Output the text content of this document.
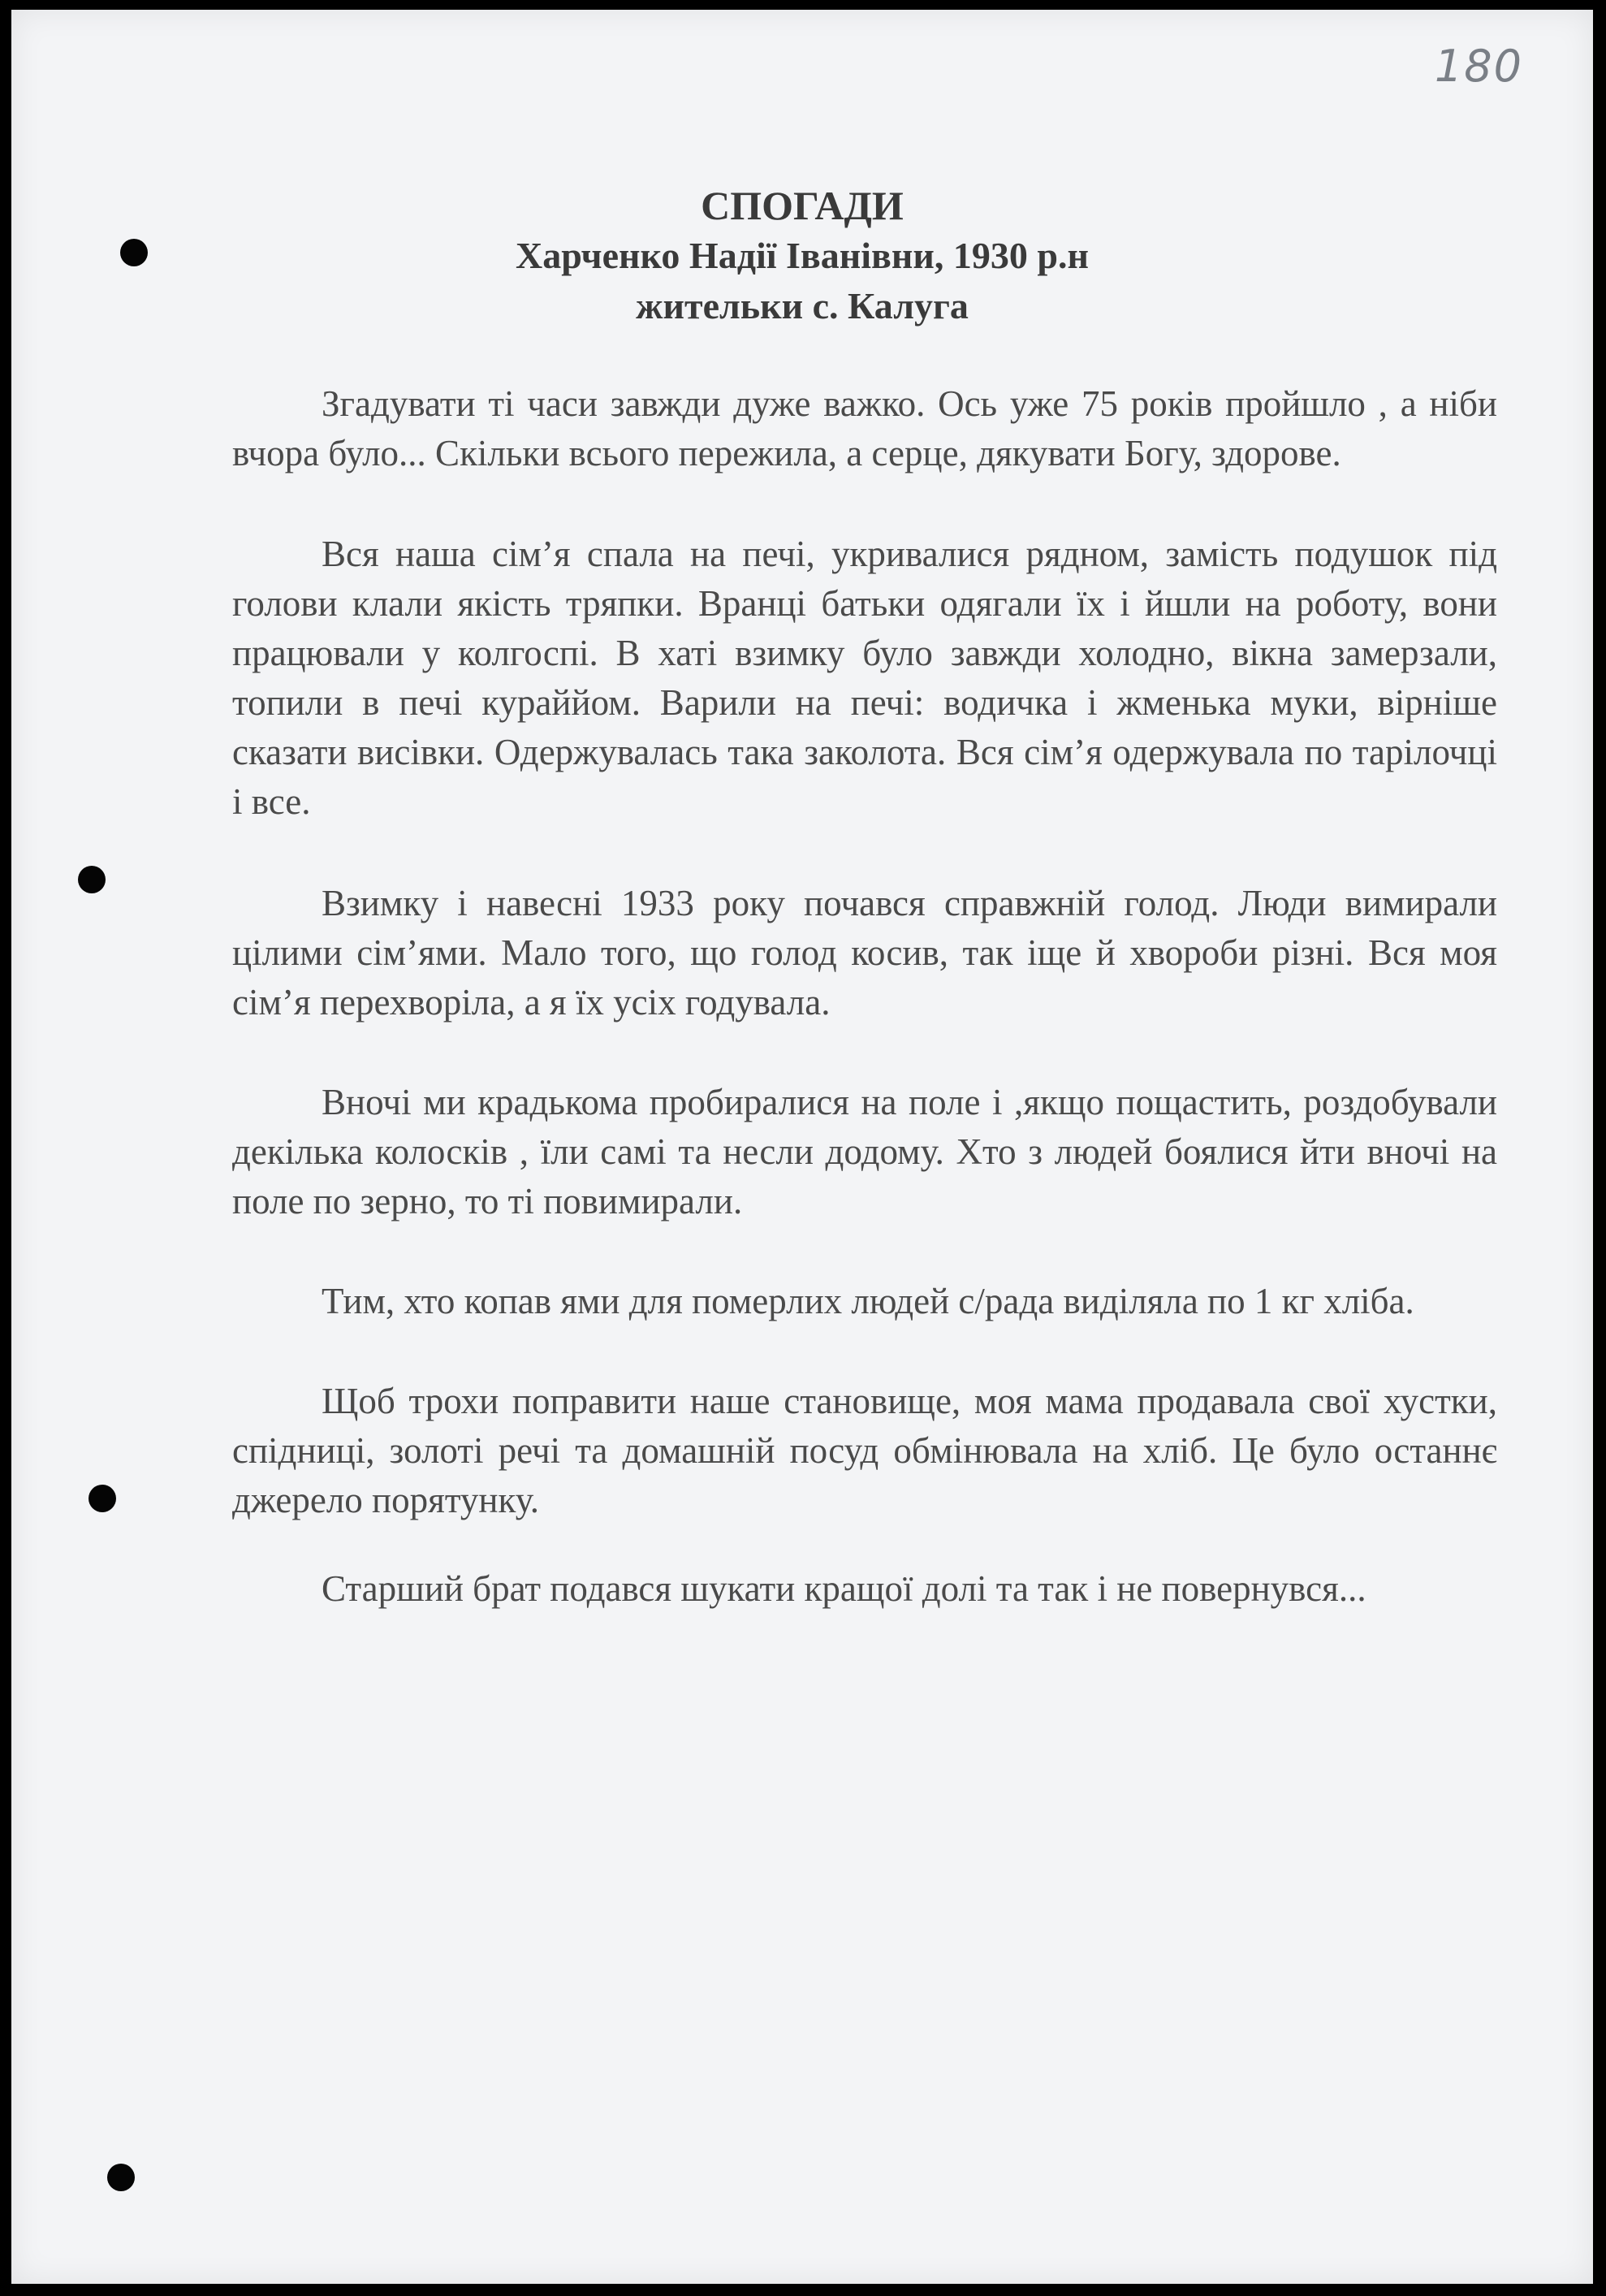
180
СПОГАДИ
Харченко Надії Іванівни, 1930 р.н
жительки с. Калуга

Згадувати ті часи завжди дуже важко. Ось уже 75 років пройшло , а ніби вчора було... Скільки всього пережила, а серце, дякувати Богу, здорове.

Вся наша сім’я спала на печі, укривалися рядном, замість подушок під голови клали якість тряпки. Вранці батьки одягали їх і йшли на роботу, вони працювали у колгоспі. В хаті взимку було завжди холодно, вікна замерзали, топили в печі кураййом. Варили на печі: водичка і жменька муки, вірніше сказати висівки. Одержувалась така заколота. Вся сім’я одержувала по тарілочці і все.

Взимку і навесні 1933 року почався справжній голод. Люди вимирали цілими сім’ями. Мало того, що голод косив, так іще й хвороби різні. Вся моя сім’я перехворіла, а я їх усіх годувала.

Вночі ми крадькома пробиралися на поле і ,якщо пощастить, роздобували декілька колосків , їли самі та несли додому. Хто з людей боялися йти вночі на поле по зерно, то ті повимирали.

Тим, хто копав ями для померлих людей с/рада виділяла по 1 кг хліба.

Щоб трохи поправити наше становище, моя мама продавала свої хустки, спідниці, золоті речі та домашній посуд обмінювала на хліб. Це було останнє джерело порятунку.

Старший брат подався шукати кращої долі та так і не повернувся...
